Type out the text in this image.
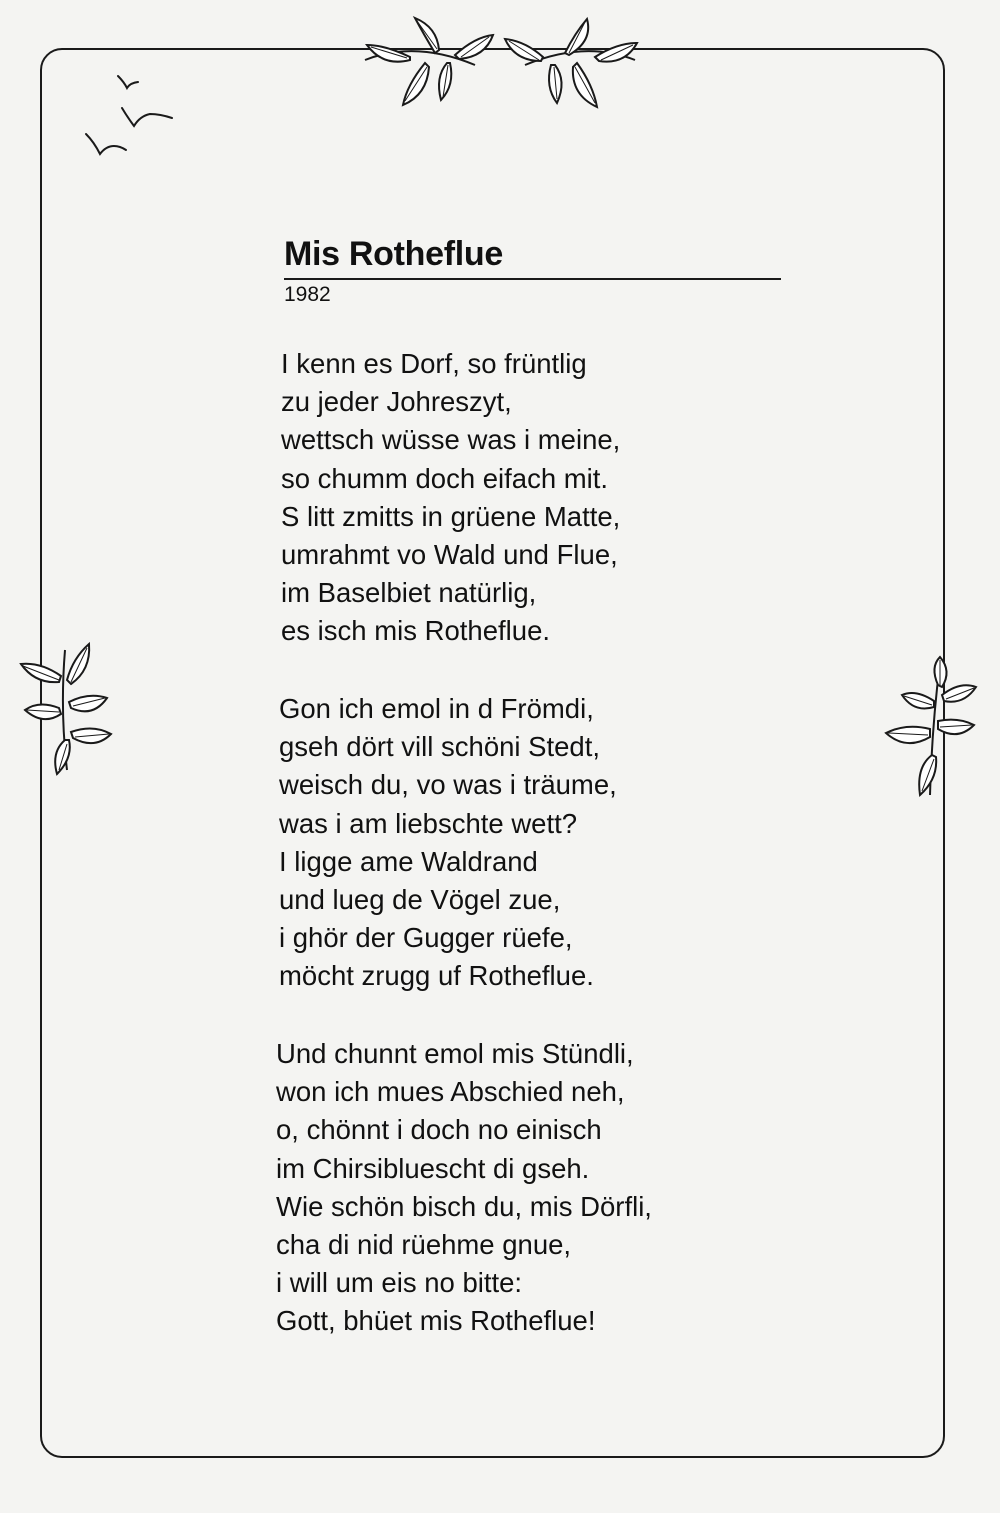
Mis Rotheflue
1982
I kenn es Dorf, so früntlig
zu jeder Johreszyt,
wettsch wüsse was i meine,
so chumm doch eifach mit.
S litt zmitts in grüene Matte,
umrahmt vo Wald und Flue,
im Baselbiet natürlig,
es isch mis Rotheflue.
Gon ich emol in d Frömdi,
gseh dört vill schöni Stedt,
weisch du, vo was i träume,
was i am liebschte wett?
I ligge ame Waldrand
und lueg de Vögel zue,
i ghör der Gugger rüefe,
möcht zrugg uf Rotheflue.
Und chunnt emol mis Stündli,
won ich mues Abschied neh,
o, chönnt i doch no einisch
im Chirsibluescht di gseh.
Wie schön bisch du, mis Dörfli,
cha di nid rüehme gnue,
i will um eis no bitte:
Gott, bhüet mis Rotheflue!
